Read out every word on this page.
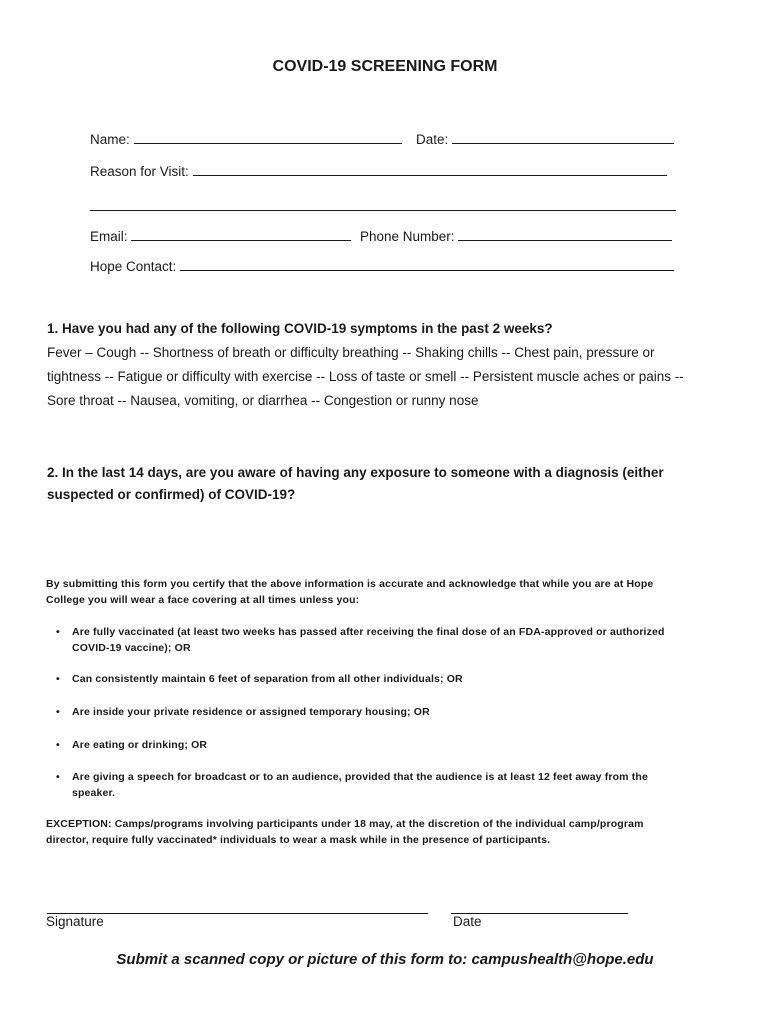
COVID-19 SCREENING FORM
Name:	Date:
Reason for Visit:
Email:	Phone Number:
Hope Contact:
1. Have you had any of the following COVID-19 symptoms in the past 2 weeks?
Fever – Cough -- Shortness of breath or difficulty breathing -- Shaking chills -- Chest pain, pressure or
tightness -- Fatigue or difficulty with exercise -- Loss of taste or smell -- Persistent muscle aches or pains --
Sore throat -- Nausea, vomiting, or diarrhea -- Congestion or runny nose
2. In the last 14 days, are you aware of having any exposure to someone with a diagnosis (either
suspected or confirmed) of COVID-19?
By submitting this form you certify that the above information is accurate and acknowledge that while you are at Hope
College you will wear a face covering at all times unless you:
• Are fully vaccinated (at least two weeks has passed after receiving the final dose of an FDA-approved or authorized
COVID-19 vaccine); OR
• Can consistently maintain 6 feet of separation from all other individuals; OR
• Are inside your private residence or assigned temporary housing; OR
• Are eating or drinking; OR
• Are giving a speech for broadcast or to an audience, provided that the audience is at least 12 feet away from the
speaker.
EXCEPTION: Camps/programs involving participants under 18 may, at the discretion of the individual camp/program
director, require fully vaccinated* individuals to wear a mask while in the presence of participants.
Signature	Date
Submit a scanned copy or picture of this form to: campushealth@hope.edu
